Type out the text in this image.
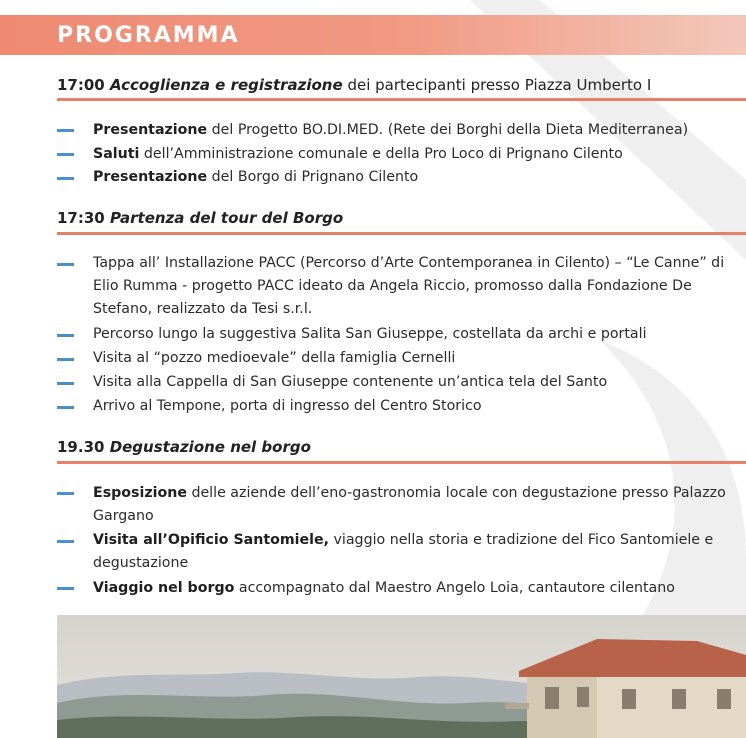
PROGRAMMA
17:00 Accoglienza e registrazione dei partecipanti presso Piazza Umberto I
Presentazione del Progetto BO.DI.MED. (Rete dei Borghi della Dieta Mediterranea)
Saluti dell’Amministrazione comunale e della Pro Loco di Prignano Cilento
Presentazione del Borgo di Prignano Cilento
17:30 Partenza del tour del Borgo
Tappa all’ Installazione PACC (Percorso d’Arte Contemporanea in Cilento) – “Le Canne” di Elio Rumma - progetto PACC ideato da Angela Riccio, promosso dalla Fondazione De Stefano, realizzato da Tesi s.r.l.
Percorso lungo la suggestiva Salita San Giuseppe, costellata da archi e portali
Visita al “pozzo medioevale” della famiglia Cernelli
Visita alla Cappella di San Giuseppe contenente un’antica tela del Santo
Arrivo al Tempone, porta di ingresso del Centro Storico
19.30 Degustazione nel borgo
Esposizione delle aziende dell’eno-gastronomia locale con degustazione presso Palazzo Gargano
Visita all’Opificio Santomiele, viaggio nella storia e tradizione del Fico Santomiele e degustazione
Viaggio nel borgo accompagnato dal Maestro Angelo Loia, cantautore cilentano
